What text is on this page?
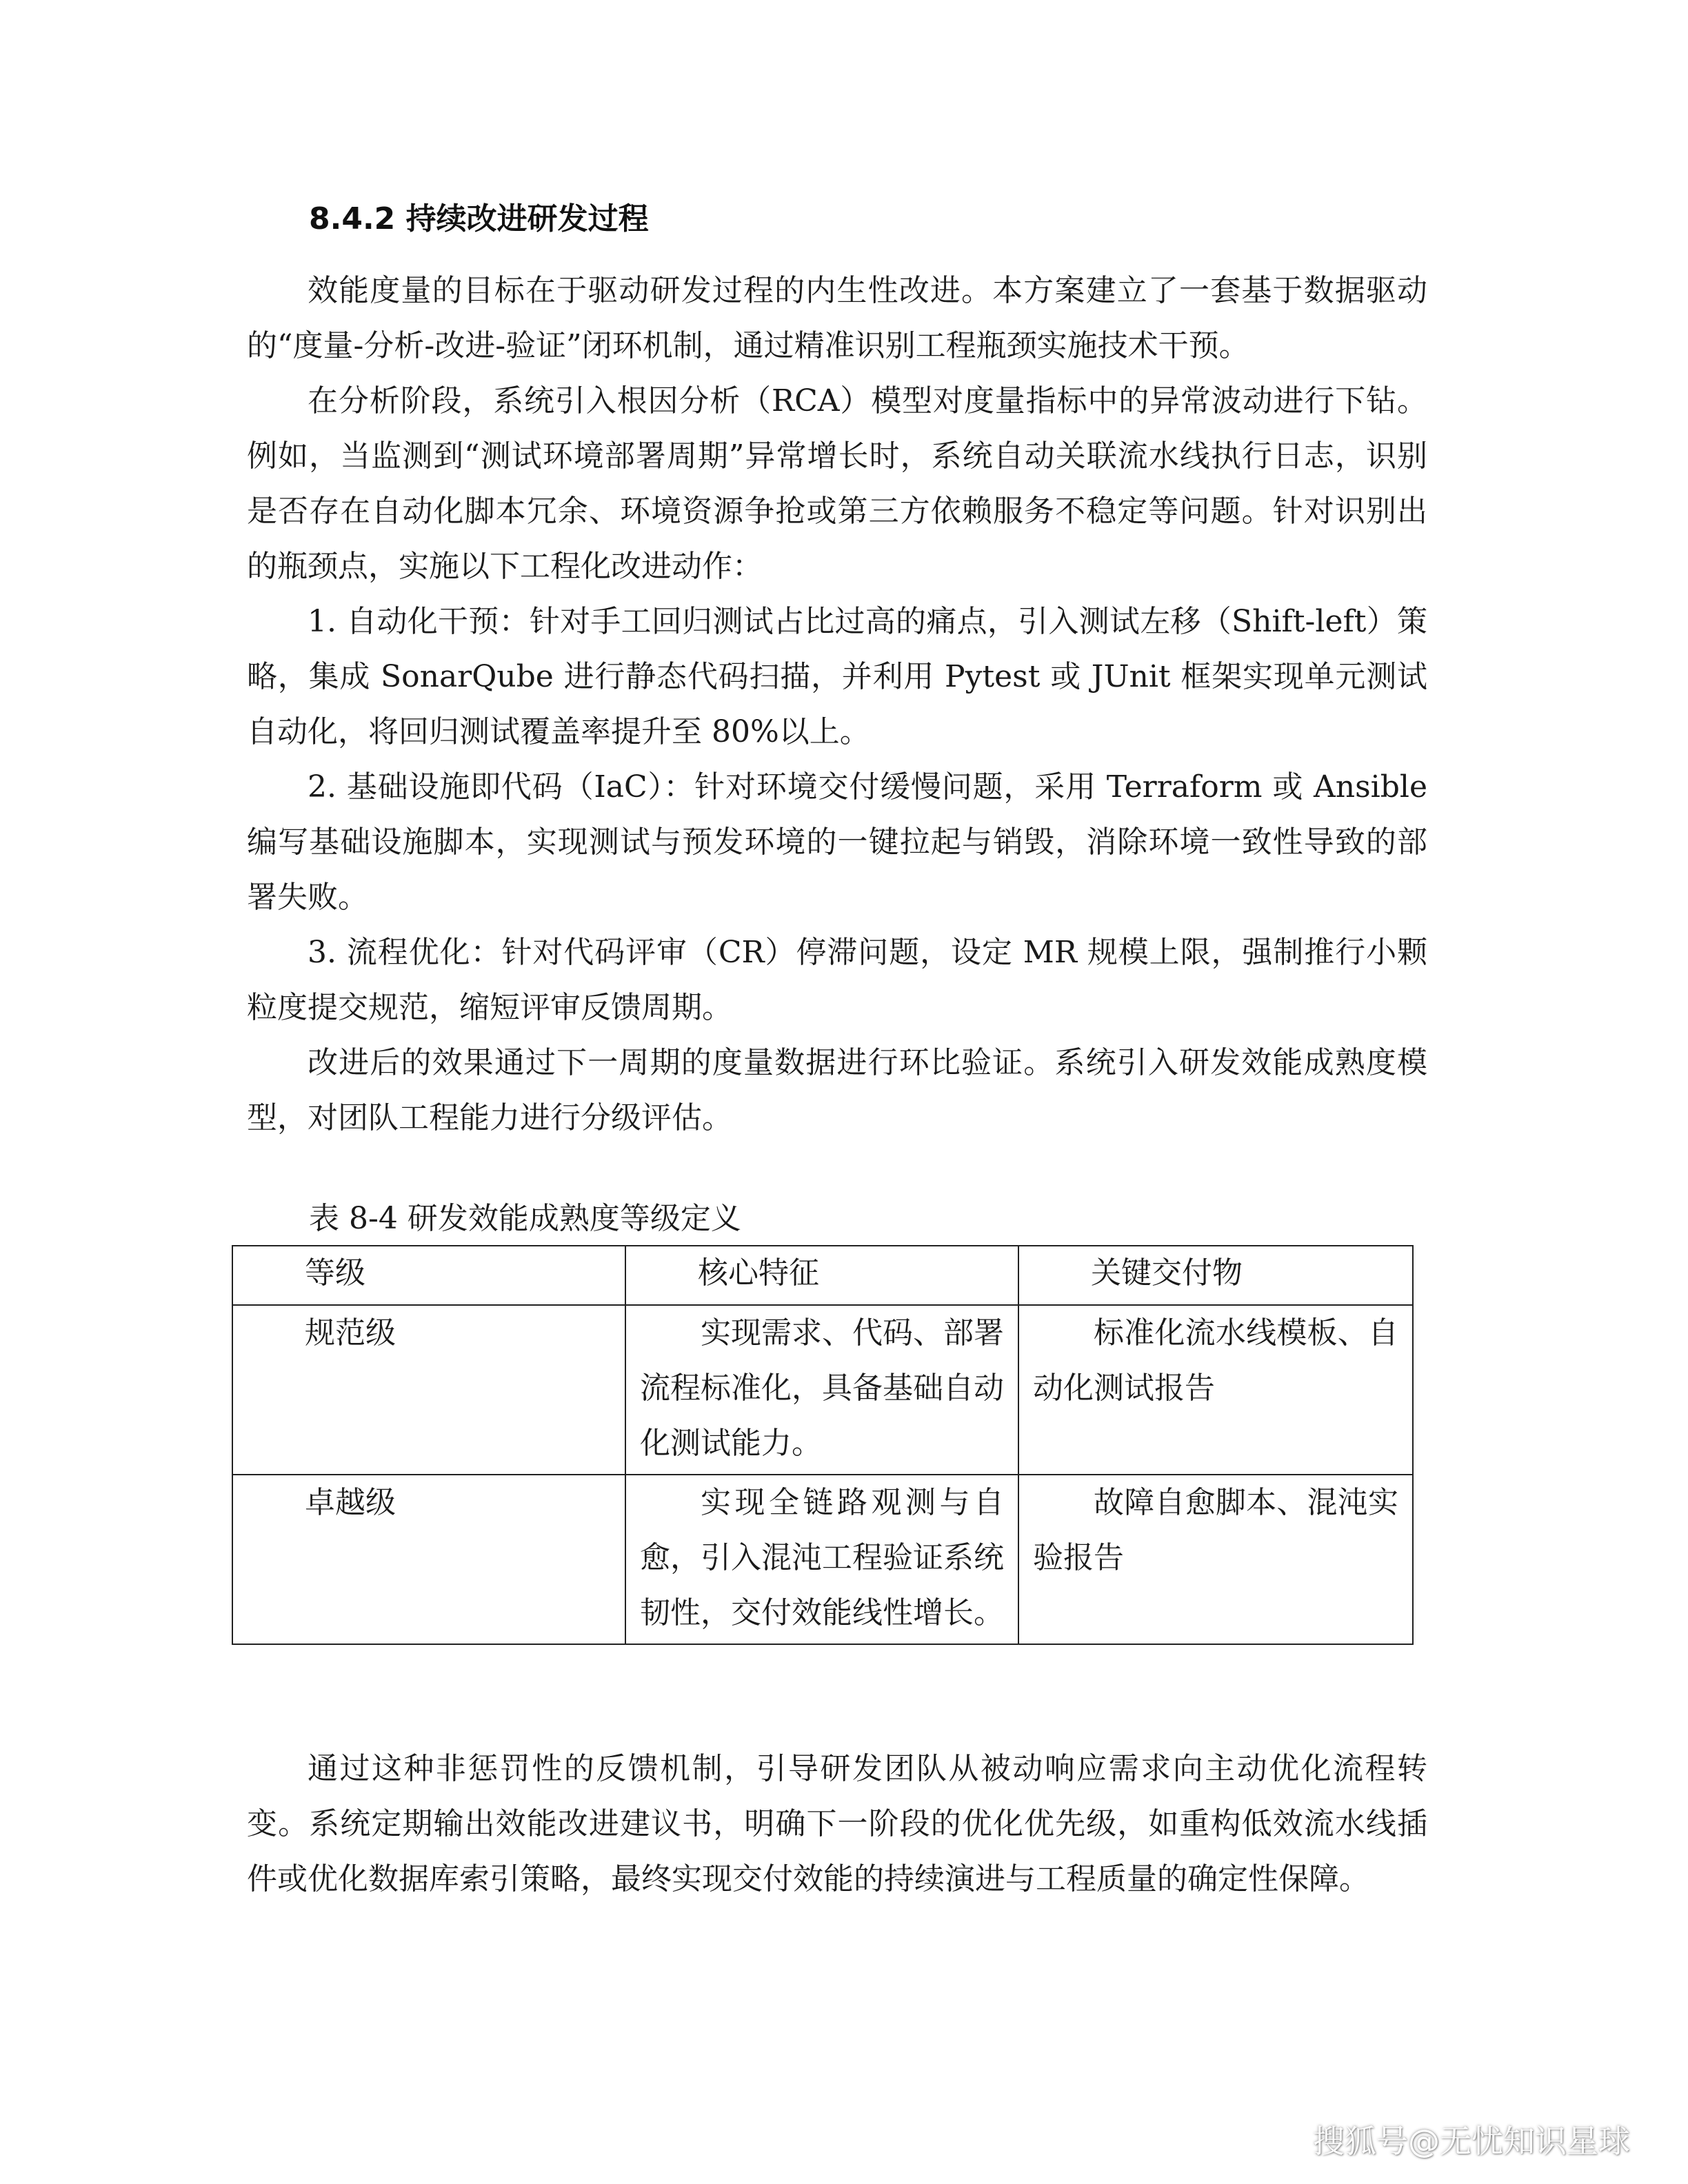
8.4.2 持续改进研发过程

效能度量的目标在于驱动研发过程的内生性改进。本方案建立了一套基于数据驱动的“度量-分析-改进-验证”闭环机制，通过精准识别工程瓶颈实施技术干预。

在分析阶段，系统引入根因分析（RCA）模型对度量指标中的异常波动进行下钻。例如，当监测到“测试环境部署周期”异常增长时，系统自动关联流水线执行日志，识别是否存在自动化脚本冗余、环境资源争抢或第三方依赖服务不稳定等问题。针对识别出的瓶颈点，实施以下工程化改进动作：

1. 自动化干预：针对手工回归测试占比过高的痛点，引入测试左移（Shift-left）策略，集成 SonarQube 进行静态代码扫描，并利用 Pytest 或 JUnit 框架实现单元测试自动化，将回归测试覆盖率提升至 80%以上。

2. 基础设施即代码（IaC）：针对环境交付缓慢问题，采用 Terraform 或 Ansible 编写基础设施脚本，实现测试与预发环境的一键拉起与销毁，消除环境一致性导致的部署失败。

3. 流程优化：针对代码评审（CR）停滞问题，设定 MR 规模上限，强制推行小颗粒度提交规范，缩短评审反馈周期。

改进后的效果通过下一周期的度量数据进行环比验证。系统引入研发效能成熟度模型，对团队工程能力进行分级评估。

表 8-4 研发效能成熟度等级定义
等级	核心特征	关键交付物
规范级	实现需求、代码、部署流程标准化，具备基础自动化测试能力。	标准化流水线模板、自动化测试报告

卓越级	实现全链路观测与自愈，引入混沌工程验证系统韧性，交付效能线性增长。	故障自愈脚本、混沌实验报告

通过这种非惩罚性的反馈机制，引导研发团队从被动响应需求向主动优化流程转变。系统定期输出效能改进建议书，明确下一阶段的优化优先级，如重构低效流水线插件或优化数据库索引策略，最终实现交付效能的持续演进与工程质量的确定性保障。

搜狐号@无忧知识星球
